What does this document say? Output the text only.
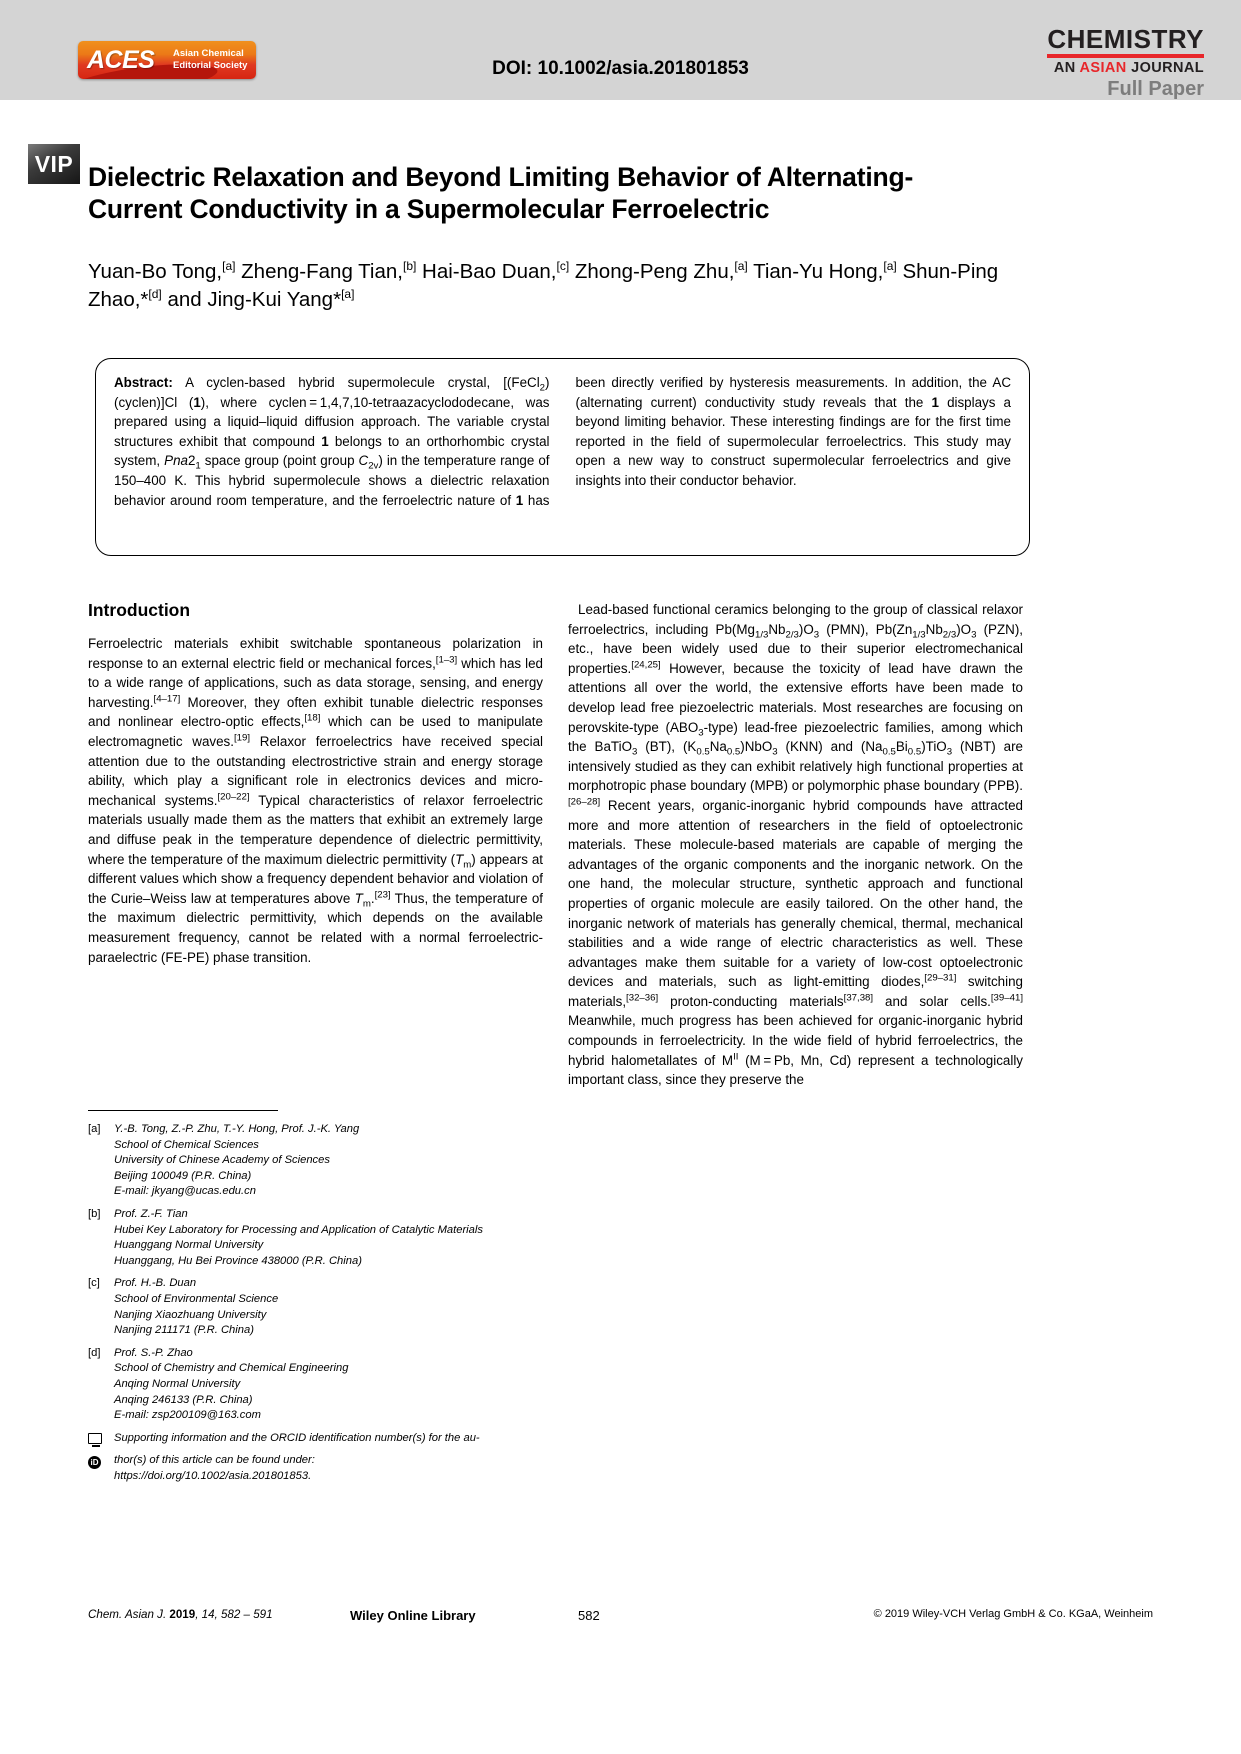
ACES Asian Chemical
Editorial Society	DOI: 10.1002/asia.201801853
CHEMISTRY
AN ASIAN JOURNAL
Full Paper
VIP Dielectric Relaxation and Beyond Limiting Behavior of Alternating-Current Conductivity in a Supermolecular Ferroelectric
Yuan-Bo Tong,[a] Zheng-Fang Tian,[b] Hai-Bao Duan,[c] Zhong-Peng Zhu,[a] Tian-Yu Hong,[a] Shun-Ping Zhao,*[d] and Jing-Kui Yang*[a]

Abstract: A cyclen-based hybrid supermolecule crystal, [(FeCl$_2$)(cyclen)]Cl (1), where cyclen = 1,4,7,10-tetraazacyclododecane, was prepared using a liquid–liquid diffusion approach. The variable crystal structures exhibit that compound 1 belongs to an orthorhombic crystal system, $Pna2_1$ space group (point group $C_{2v}$) in the temperature range of 150–400 K. This hybrid supermolecule shows a dielectric relaxation behavior around room temperature, and the ferroelectric nature of 1 has been directly verified by hysteresis measurements. In addition, the AC (alternating current) conductivity study reveals that the 1 displays a beyond limiting behavior. These interesting findings are for the first time reported in the field of supermolecular ferroelectrics. This study may open a new way to construct supermolecular ferroelectrics and give insights into their conductor behavior.

Introduction

Ferroelectric materials exhibit switchable spontaneous polarization in response to an external electric field or mechanical forces,[1–3] which has led to a wide range of applications, such as data storage, sensing, and energy harvesting.[4–17] Moreover, they often exhibit tunable dielectric responses and nonlinear electro-optic effects,[18] which can be used to manipulate electromagnetic waves.[19] Relaxor ferroelectrics have received special attention due to the outstanding electrostrictive strain and energy storage ability, which play a significant role in electronics devices and micro-mechanical systems.[20–22] Typical characteristics of relaxor ferroelectric materials usually made them as the matters that exhibit an extremely large and diffuse peak in the temperature dependence of dielectric permittivity, where the temperature of the maximum dielectric permittivity $(T_m)$ appears at different values which show a frequency dependent behavior and violation of the Curie–Weiss law at temperatures above $T_m.[23]$ Thus, the temperature of the maximum dielectric permittivity, which depends on the available measurement frequency, cannot be related with a normal ferroelectric-paraelectric (FE-PE) phase transition.

Lead-based functional ceramics belonging to the group of classical relaxor ferroelectrics, including $Pb(Mg_{1/3}Nb_{2/3})O_3$ (PMN), $Pb(Zn_{1/3}Nb_{2/3})O_3$ (PZN), etc., have been widely used due to their superior electromechanical properties.[24,25] However, because the toxicity of lead have drawn the attentions all over the world, the extensive efforts have been made to develop lead free piezoelectric materials. Most researches are focusing on perovskite-type $(ABO_3-type)$ lead-free piezoelectric families, among which the BaTiO$_3$ (BT), $(K_{0.5}Na_{0.5})NbO_3$ (KNN) and $(Na_{0.5}Bi_{0.5})TiO_3$ (NBT) are intensively studied as they can exhibit relatively high functional properties at morphotropic phase boundary (MPB) or polymorphic phase boundary (PPB).[26–28] Recent years, organic-inorganic hybrid compounds have attracted more and more attention of researchers in the field of optoelectronic materials. These molecule-based materials are capable of merging the advantages of the organic components and the inorganic network. On the one hand, the molecular structure, synthetic approach and functional properties of organic molecule are easily tailored. On the other hand, the inorganic network of materials has generally chemical, thermal, mechanical stabilities and a wide range of electric characteristics as well. These advantages make them suitable for a variety of low-cost optoelectronic devices and materials, such as light-emitting diodes,[29–31] switching materials,[32–36] proton-conducting materials[37,38] and solar cells.[39–41] Meanwhile, much progress has been achieved for organic-inorganic hybrid compounds in ferroelectricity. In the wide field of hybrid ferroelectrics, the hybrid halometallates of $M^{II}$ (M = Pb, Mn, Cd) represent a technologically important class, since they preserve the

[a]	Y.-B. Tong, Z.-P. Zhu, T.-Y. Hong, Prof. J.-K. Yang
School of Chemical Sciences
University of Chinese Academy of Sciences
Beijing 100049 (P.R. China)
E-mail: jkyang@ucas.edu.cn
[b]	Prof. Z.-F. Tian
Hubei Key Laboratory for Processing and Application of Catalytic Materials
Huanggang Normal University
Huanggang, Hu Bei Province 438000 (P.R. China)
[c]	Prof. H.-B. Duan
School of Environmental Science
Nanjing Xiaozhuang University
Nanjing 211171 (P.R. China)
[d]	Prof. S.-P. Zhao
School of Chemistry and Chemical Engineering
Anqing Normal University
Anqing 246133 (P.R. China)
E-mail: zsp200109@163.com
Supporting information and the ORCID identification number(s) for the au-
iD	thor(s) of this article can be found under:
https://doi.org/10.1002/asia.201801853.
Chem. Asian J. 2019, 14, 582 – 591	Wiley Online Library	582	© 2019 Wiley-VCH Verlag GmbH & Co. KGaA, Weinheim
